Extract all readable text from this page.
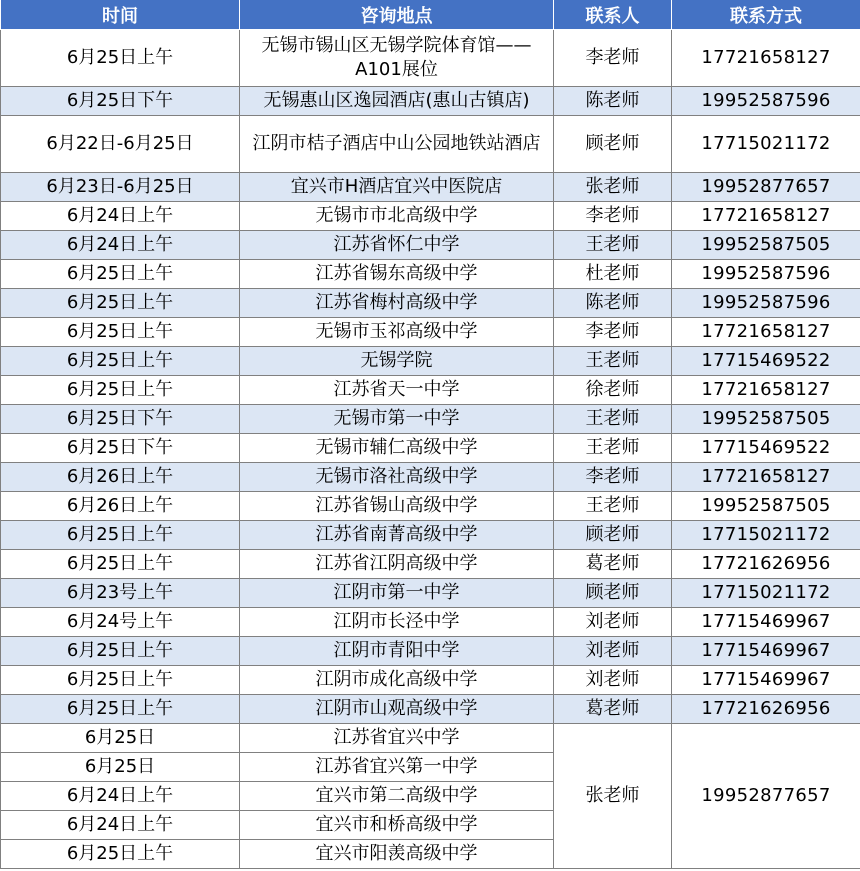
时间	咨询地点	联系人	联系方式
6月25日上午	无锡市锡山区无锡学院体育馆——A101展位	李老师	17721658127
6月25日下午	无锡惠山区逸园酒店(惠山古镇店)	陈老师	19952587596
6月22日-6月25日	江阴市桔子酒店中山公园地铁站酒店	顾老师	17715021172
6月23日-6月25日	宜兴市H酒店宜兴中医院店	张老师	19952877657
6月24日上午	无锡市市北高级中学	李老师	17721658127
6月24日上午	江苏省怀仁中学	王老师	19952587505
6月25日上午	江苏省锡东高级中学	杜老师	19952587596
6月25日上午	江苏省梅村高级中学	陈老师	19952587596
6月25日上午	无锡市玉祁高级中学	李老师	17721658127
6月25日上午	无锡学院	王老师	17715469522
6月25日上午	江苏省天一中学	徐老师	17721658127
6月25日下午	无锡市第一中学	王老师	19952587505
6月25日下午	无锡市辅仁高级中学	王老师	17715469522
6月26日上午	无锡市洛社高级中学	李老师	17721658127
6月26日上午	江苏省锡山高级中学	王老师	19952587505
6月25日上午	江苏省南菁高级中学	顾老师	17715021172
6月25日上午	江苏省江阴高级中学	葛老师	17721626956
6月23号上午	江阴市第一中学	顾老师	17715021172
6月24号上午	江阴市长泾中学	刘老师	17715469967
6月25日上午	江阴市青阳中学	刘老师	17715469967
6月25日上午	江阴市成化高级中学	刘老师	17715469967
6月25日上午	江阴市山观高级中学	葛老师	17721626956
6月25日	江苏省宜兴中学	张老师	19952877657
6月25日	江苏省宜兴第一中学		
6月24日上午	宜兴市第二高级中学		
6月24日上午	宜兴市和桥高级中学		
6月25日上午	宜兴市阳羡高级中学		
